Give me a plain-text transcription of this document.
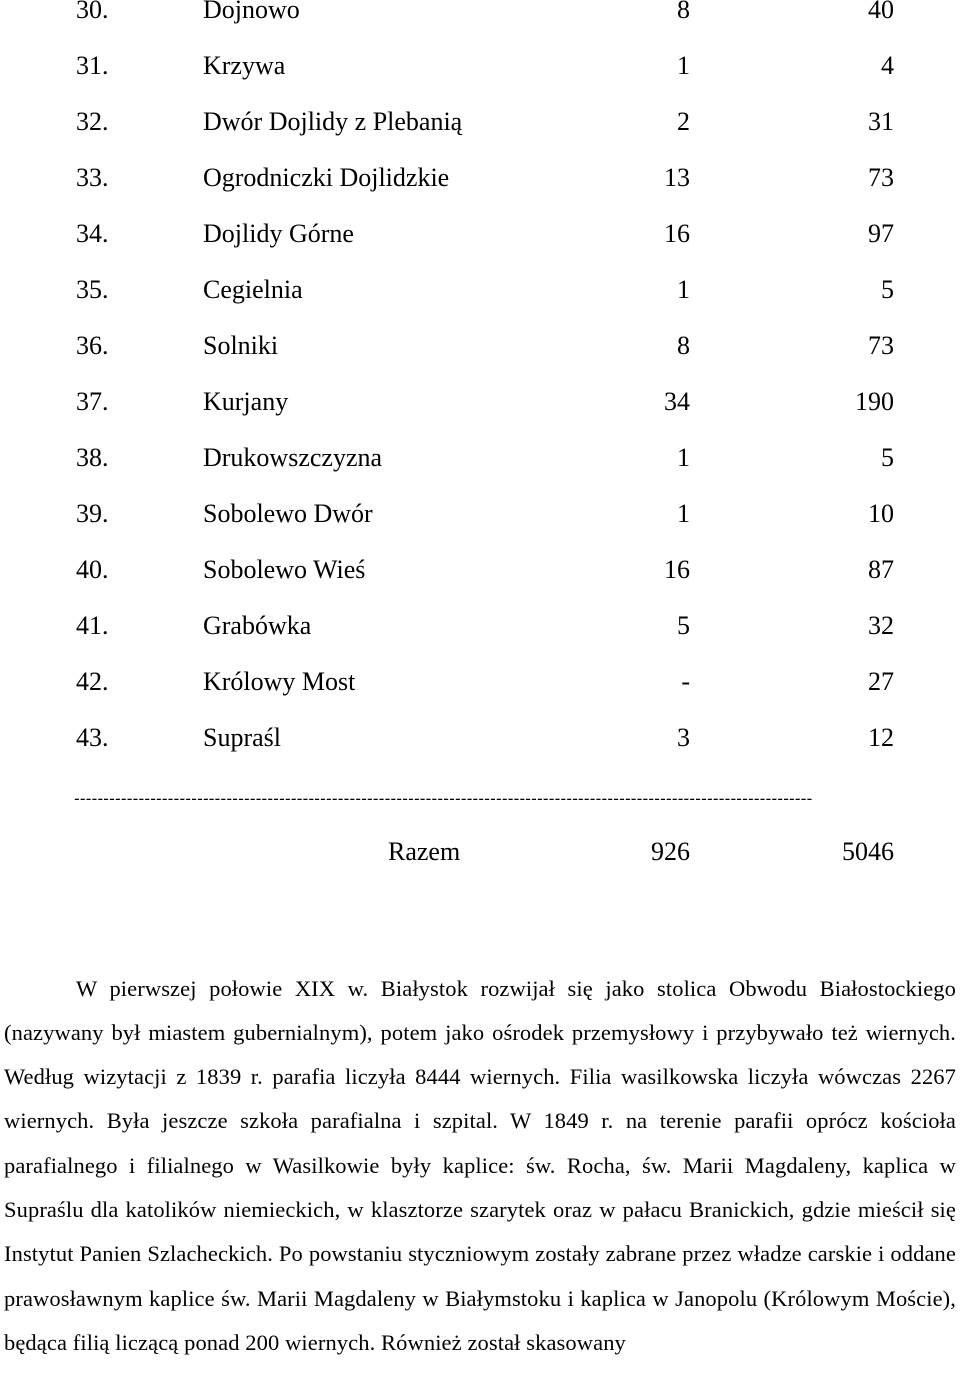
30.	Dojnowo	8	40
31.	Krzywa	1	4
32.	Dwór Dojlidy z Plebanią	2	31
33.	Ogrodniczki Dojlidzkie	13	73
34.	Dojlidy Górne	16	97
35.	Cegielnia	1	5
36.	Solniki	8	73
37.	Kurjany	34	190
38.	Drukowszczyzna	1	5
39.	Sobolewo Dwór	1	10
40.	Sobolewo Wieś	16	87
41.	Grabówka	5	32
42.	Królowy Most	-	27
43.	Supraśl	3	12
------------------------------------------------------------------------------------------------------------------------------
Razem	926	5046

W pierwszej połowie XIX w. Białystok rozwijał się jako stolica Obwodu Białostockiego (nazywany był miastem gubernialnym), potem jako ośrodek przemysłowy i przybywało też wiernych. Według wizytacji z 1839 r. parafia liczyła 8444 wiernych. Filia wasilkowska liczyła wówczas 2267 wiernych. Była jeszcze szkoła parafialna i szpital. W 1849 r. na terenie parafii oprócz kościoła parafialnego i filialnego w Wasilkowie były kaplice: św. Rocha, św. Marii Magdaleny, kaplica w Supraślu dla katolików niemieckich, w klasztorze szarytek oraz w pałacu Branickich, gdzie mieścił się Instytut Panien Szlacheckich. Po powstaniu styczniowym zostały zabrane przez władze carskie i oddane prawosławnym kaplice św. Marii Magdaleny w Białymstoku i kaplica w Janopolu (Królowym Moście), będąca filią liczącą ponad 200 wiernych. Również został skasowany
